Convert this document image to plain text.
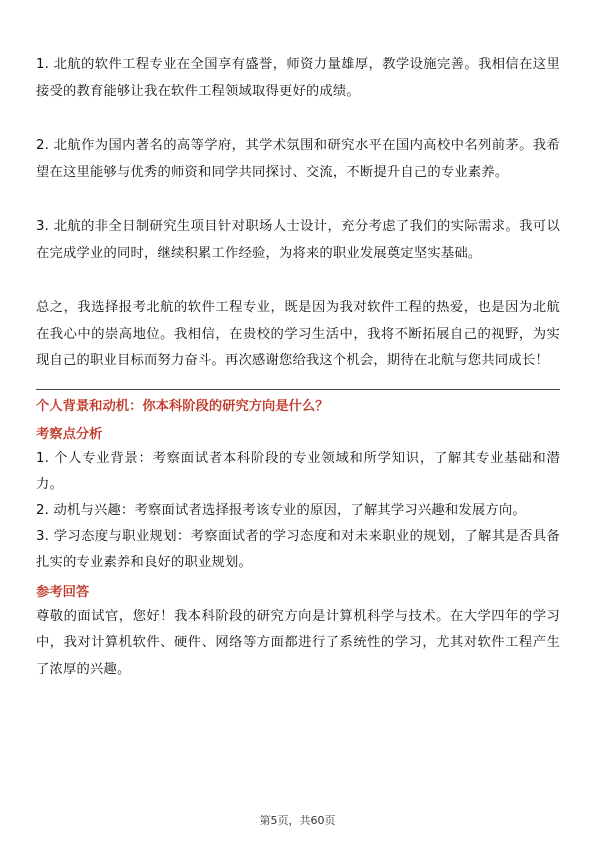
1. 北航的软件工程专业在全国享有盛誉，师资力量雄厚，教学设施完善。我相信在这里接受的教育能够让我在软件工程领域取得更好的成绩。

2. 北航作为国内著名的高等学府，其学术氛围和研究水平在国内高校中名列前茅。我希望在这里能够与优秀的师资和同学共同探讨、交流，不断提升自己的专业素养。

3. 北航的非全日制研究生项目针对职场人士设计，充分考虑了我们的实际需求。我可以在完成学业的同时，继续积累工作经验，为将来的职业发展奠定坚实基础。

总之，我选择报考北航的软件工程专业，既是因为我对软件工程的热爱，也是因为北航在我心中的崇高地位。我相信，在贵校的学习生活中，我将不断拓展自己的视野，为实现自己的职业目标而努力奋斗。再次感谢您给我这个机会，期待在北航与您共同成长！

个人背景和动机：你本科阶段的研究方向是什么？

考察点分析

1. 个人专业背景：考察面试者本科阶段的专业领域和所学知识，了解其专业基础和潜力。

2. 动机与兴趣：考察面试者选择报考该专业的原因，了解其学习兴趣和发展方向。

3. 学习态度与职业规划：考察面试者的学习态度和对未来职业的规划，了解其是否具备扎实的专业素养和良好的职业规划。

参考回答

尊敬的面试官，您好！我本科阶段的研究方向是计算机科学与技术。在大学四年的学习中，我对计算机软件、硬件、网络等方面都进行了系统性的学习，尤其对软件工程产生了浓厚的兴趣。

第5页，共60页
